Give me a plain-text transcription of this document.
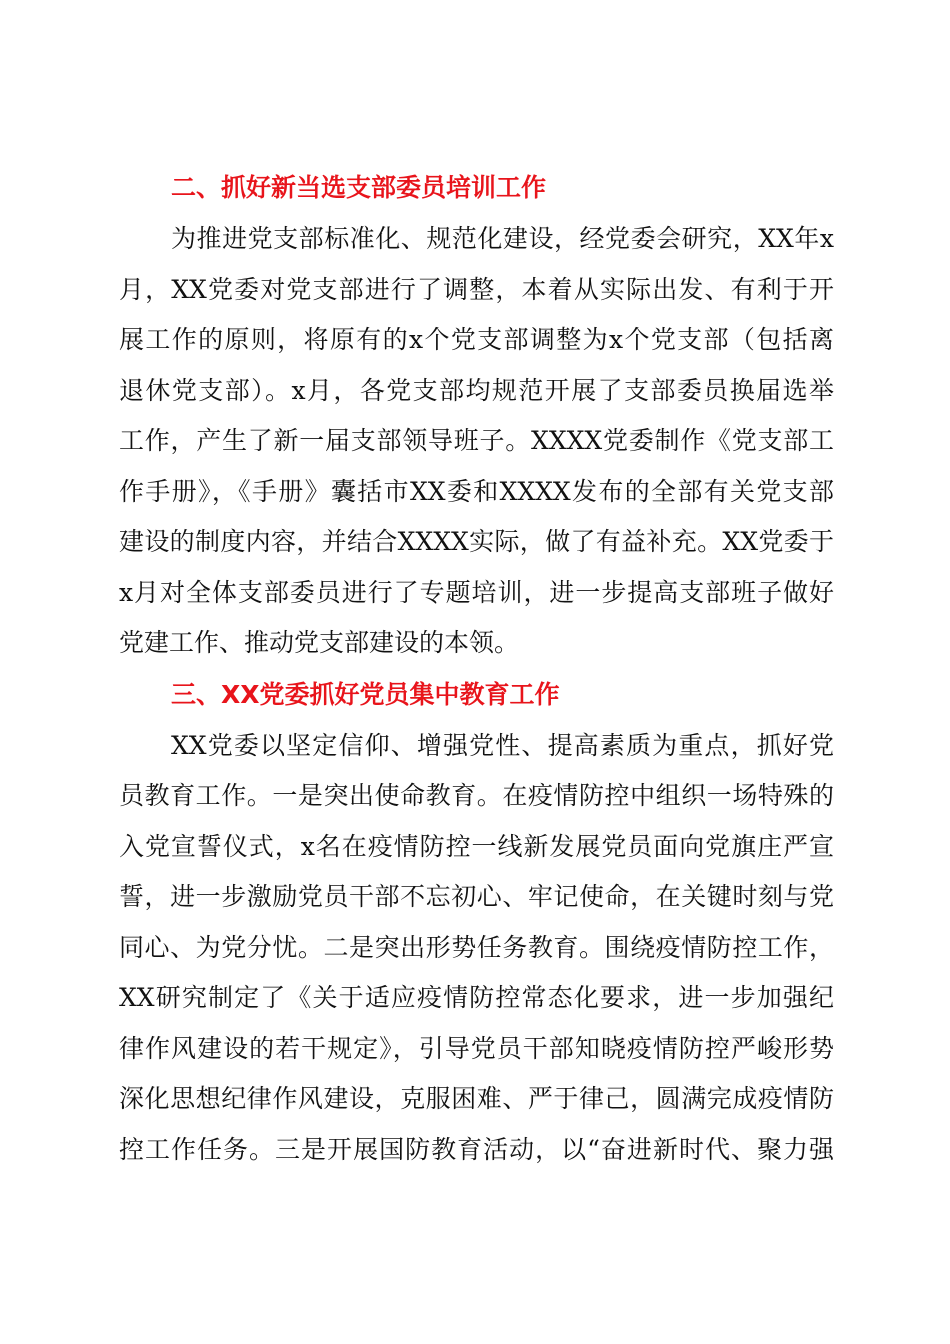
二、抓好新当选支部委员培训工作
为推进党支部标准化、规范化建设，经党委会研究，XX年x
月，XX党委对党支部进行了调整，本着从实际出发、有利于开
展工作的原则，将原有的x个党支部调整为x个党支部（包括离
退休党支部）。x月，各党支部均规范开展了支部委员换届选举
工作，产生了新一届支部领导班子。XXXX党委制作《党支部工
作手册》，《手册》囊括市XX委和XXXX发布的全部有关党支部
建设的制度内容，并结合XXXX实际，做了有益补充。XX党委于
x月对全体支部委员进行了专题培训，进一步提高支部班子做好
党建工作、推动党支部建设的本领。
三、XX党委抓好党员集中教育工作
XX党委以坚定信仰、增强党性、提高素质为重点，抓好党
员教育工作。一是突出使命教育。在疫情防控中组织一场特殊的
入党宣誓仪式，x名在疫情防控一线新发展党员面向党旗庄严宣
誓，进一步激励党员干部不忘初心、牢记使命，在关键时刻与党
同心、为党分忧。二是突出形势任务教育。围绕疫情防控工作，
XX研究制定了《关于适应疫情防控常态化要求，进一步加强纪
律作风建设的若干规定》，引导党员干部知晓疫情防控严峻形势
深化思想纪律作风建设，克服困难、严于律己，圆满完成疫情防
控工作任务。三是开展国防教育活动，以“奋进新时代、聚力强
